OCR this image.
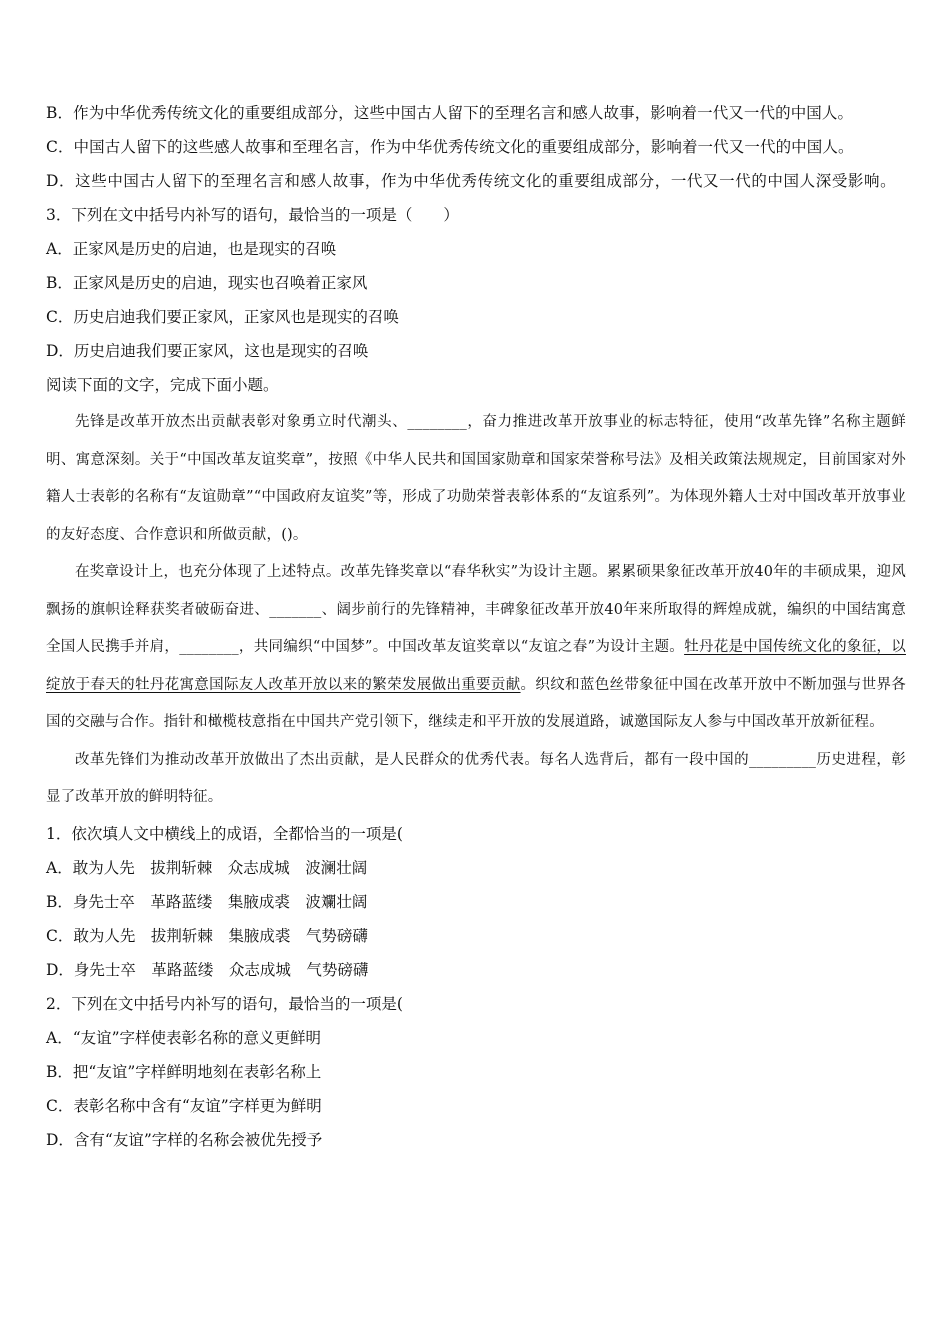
B．作为中华优秀传统文化的重要组成部分，这些中国古人留下的至理名言和感人故事，影响着一代又一代的中国人。
C．中国古人留下的这些感人故事和至理名言，作为中华优秀传统文化的重要组成部分，影响着一代又一代的中国人。
D．这些中国古人留下的至理名言和感人故事，作为中华优秀传统文化的重要组成部分，一代又一代的中国人深受影响。
3．下列在文中括号内补写的语句，最恰当的一项是（　　）
A．正家风是历史的启迪，也是现实的召唤
B．正家风是历史的启迪，现实也召唤着正家风
C．历史启迪我们要正家风，正家风也是现实的召唤
D．历史启迪我们要正家风，这也是现实的召唤
阅读下面的文字，完成下面小题。

先锋是改革开放杰出贡献表彰对象勇立时代潮头、________，奋力推进改革开放事业的标志特征，使用“改革先锋”名称主题鲜明、寓意深刻。关于“中国改革友谊奖章”，按照《中华人民共和国国家勋章和国家荣誉称号法》及相关政策法规规定，目前国家对外籍人士表彰的名称有“友谊勋章”“中国政府友谊奖”等，形成了功勋荣誉表彰体系的“友谊系列”。为体现外籍人士对中国改革开放事业的友好态度、合作意识和所做贡献，()。

在奖章设计上，也充分体现了上述特点。改革先锋奖章以“春华秋实”为设计主题。累累硕果象征改革开放40年的丰硕成果，迎风飘扬的旗帜诠释获奖者破砺奋进、_______、阔步前行的先锋精神，丰碑象征改革开放40年来所取得的辉煌成就，编织的中国结寓意全国人民携手并肩，________，共同编织“中国梦”。中国改革友谊奖章以“友谊之春”为设计主题。牡丹花是中国传统文化的象征，以绽放于春天的牡丹花寓意国际友人改革开放以来的繁荣发展做出重要贡献。织纹和蓝色丝带象征中国在改革开放中不断加强与世界各国的交融与合作。指针和橄榄枝意指在中国共产党引领下，继续走和平开放的发展道路，诚邀国际友人参与中国改革开放新征程。

改革先锋们为推动改革开放做出了杰出贡献，是人民群众的优秀代表。每名人选背后，都有一段中国的_________历史进程，彰显了改革开放的鲜明特征。

1．依次填人文中横线上的成语，全都恰当的一项是(
A．敢为人先　拔荆斩棘　众志成城　波澜壮阔
B．身先士卒　革路蓝缕　集腋成裘　波斕壮阔
C．敢为人先　拔荆斩棘　集腋成裘　气势磅礴
D．身先士卒　革路蓝缕　众志成城　气势磅礴
2．下列在文中括号内补写的语句，最恰当的一项是(
A．“友谊”字样使表彰名称的意义更鲜明
B．把“友谊”字样鲜明地刻在表彰名称上
C．表彰名称中含有“友谊”字样更为鲜明
D．含有“友谊”字样的名称会被优先授予
